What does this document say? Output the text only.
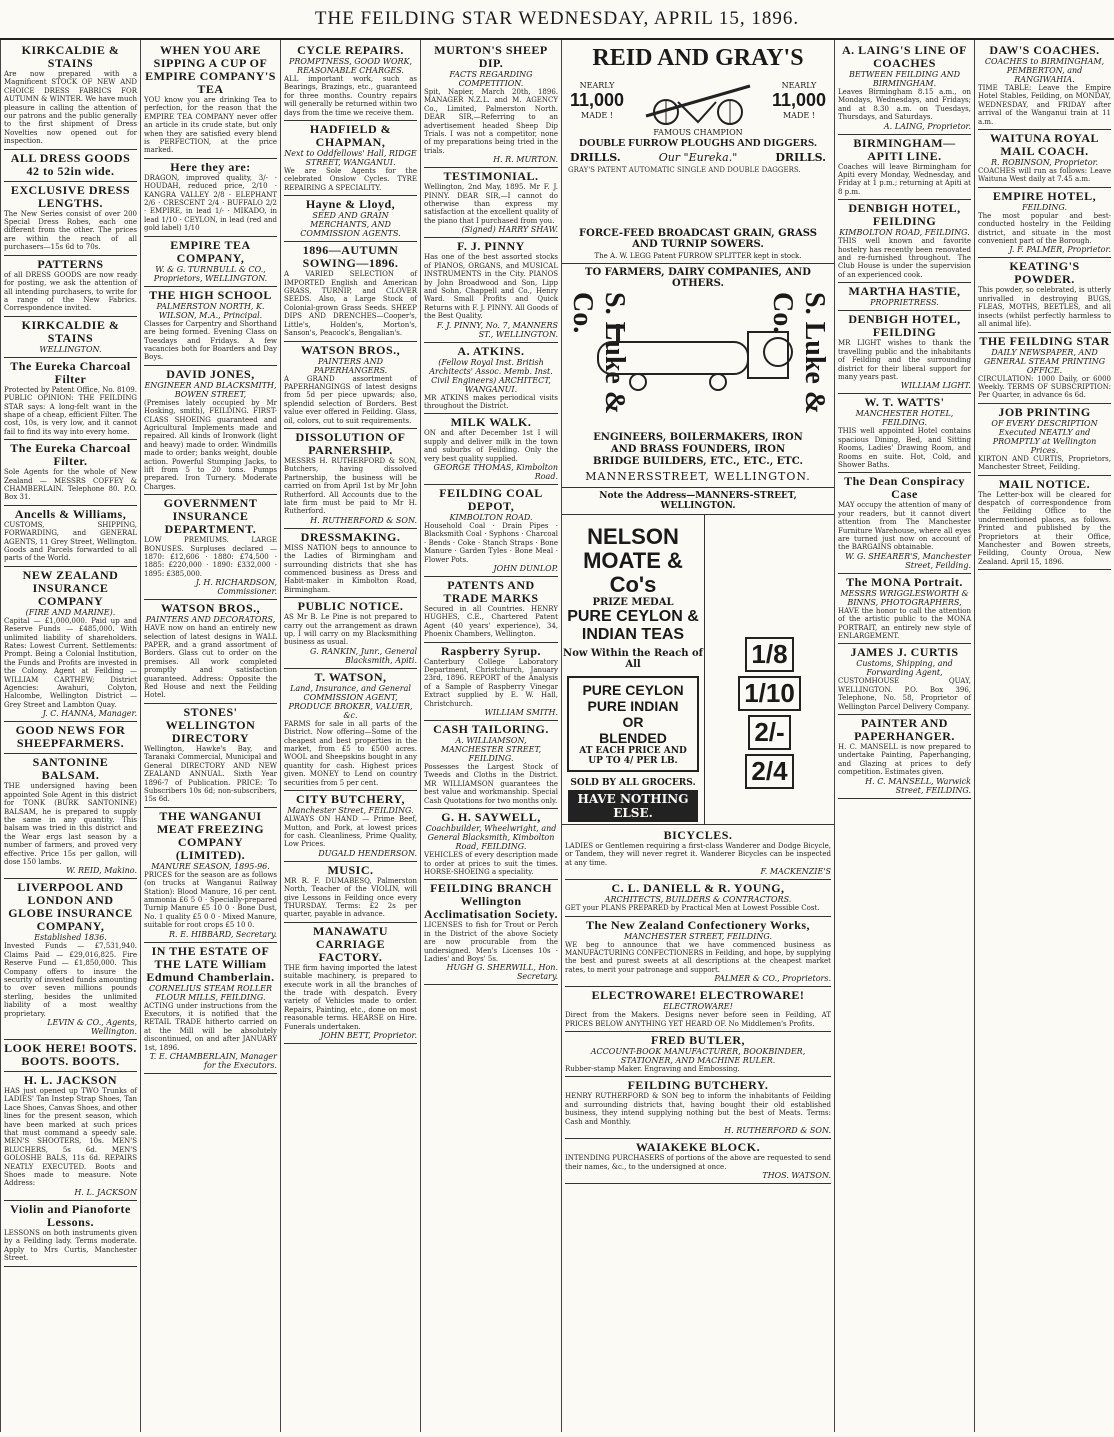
THE FEILDING STAR WEDNESDAY, APRIL 15, 1896.
KIRKCALDIE & STAINS
Are now prepared with a Magnificent STOCK OF NEW AND CHOICE DRESS FABRICS FOR AUTUMN & WINTER. We have much pleasure in calling the attention of our patrons and the public generally to the first shipment of Dress Novelties now opened out for inspection.
ALL DRESS GOODS 42 to 52in wide.
EXCLUSIVE DRESS LENGTHS.
The New Series consist of over 200 Special Dress Robes, each one different from the other. The prices are within the reach of all purchasers—15s 6d to 70s.
PATTERNS
of all DRESS GOODS are now ready for posting, we ask the attention of all intending purchasers, to write for a range of the New Fabrics. Correspondence invited.
KIRKCALDIE & STAINS
WELLINGTON.
The Eureka Charcoal Filter
Protected by Patent Office, No. 8109. PUBLIC OPINION: THE FEILDING STAR says: A long-felt want in the shape of a cheap, efficient Filter. The cost, 10s, is very low, and it cannot fail to find its way into every home.
The Eureka Charcoal Filter.
Sole Agents for the whole of New Zealand — MESSRS COFFEY & CHAMBERLAIN. Telephone 80. P.O. Box 31.
Ancells & Williams,
CUSTOMS, SHIPPING, FORWARDING, and GENERAL AGENTS, 11 Grey Street, Wellington. Goods and Parcels forwarded to all parts of the World.
NEW ZEALAND INSURANCE COMPANY
(FIRE AND MARINE).
Capital — £1,000,000. Paid up and Reserve Funds — £485,000. With unlimited liability of shareholders. Rates: Lowest Current. Settlements: Prompt. Being a Colonial Institution, the Funds and Profits are invested in the Colony. Agent at Feilding — WILLIAM CARTHEW; District Agencies: Awahuri, Colyton, Halcombe, Wellington District — Grey Street and Lambton Quay.
J. C. HANNA, Manager.
GOOD NEWS FOR SHEEPFARMERS.
SANTONINE BALSAM.
THE undersigned having been appointed Sole Agent in this district for TONK (BURK SANTONINE) BALSAM, he is prepared to supply the same in any quantity. This balsam was tried in this district and the Wear ergs last season by a number of farmers, and proved very effective. Price 15s per gallon, will dose 150 lambs.
W. REID, Makino.
LIVERPOOL AND LONDON AND GLOBE INSURANCE COMPANY,
Established 1836.
Invested Funds — £7,531,940. Claims Paid — £29,016,825. Fire Reserve Fund — £1,850,000. This Company offers to insure the security of invested funds amounting to over seven millions pounds sterling, besides the unlimited liability of a most wealthy proprietary.
LEVIN & CO., Agents, Wellington.
LOOK HERE! BOOTS. BOOTS. BOOTS.
H. L. JACKSON
HAS just opened up TWO Trunks of LADIES' Tan Instep Strap Shoes, Tan Lace Shoes, Canvas Shoes, and other lines for the present season, which have been marked at such prices that must command a speedy sale. MEN'S SHOOTERS, 10s. MEN'S BLUCHERS, 5s 6d. MEN'S GOLOSHE BALS, 11s 6d. REPAIRS NEATLY EXECUTED. Boots and Shoes made to measure. Note Address:
H. L. JACKSON
Violin and Pianoforte Lessons.
LESSONS on both instruments given by a Feilding lady. Terms moderate. Apply to Mrs Curtis, Manchester Street.
WHEN YOU ARE SIPPING A CUP OF EMPIRE COMPANY'S TEA
YOU know you are drinking Tea to perfection, for the reason that the EMPIRE TEA COMPANY never offer an article in its crude state, but only when they are satisfied every blend is PERFECTION, at the price marked.
Here they are:
DRAGON, improved quality, 3/- · HOUDAH, reduced price, 2/10 · KANGRA VALLEY 2/8 · ELEPHANT 2/6 · CRESCENT 2/4 · BUFFALO 2/2 · EMPIRE, in lead 1/- · MIKADO, in lead 1/10 · CEYLON, in lead (red and gold label) 1/10
EMPIRE TEA COMPANY,
W. & G. TURNBULL & CO., Proprietors, WELLINGTON.
THE HIGH SCHOOL
PALMERSTON NORTH, K. WILSON, M.A., Principal.
Classes for Carpentry and Shorthand are being formed. Evening Class on Tuesdays and Fridays. A few vacancies both for Boarders and Day Boys.
DAVID JONES,
ENGINEER AND BLACKSMITH, BOWEN STREET,
(Premises lately occupied by Mr Hosking, smith), FEILDING. FIRST-CLASS SHOEING guaranteed and Agricultural Implements made and repaired. All kinds of Ironwork (light and heavy) made to order. Windmills made to order; banks weight, double action. Powerful Stumping Jacks, to lift from 5 to 20 tons. Pumps prepared. Iron Turnery. Moderate Charges.
GOVERNMENT INSURANCE DEPARTMENT.
LOW PREMIUMS. LARGE BONUSES. Surpluses declared — 1870: £12,606 · 1880: £74,500 · 1885: £220,000 · 1890: £332,000 · 1895: £385,000.
J. H. RICHARDSON, Commissioner.
WATSON BROS.,
PAINTERS AND DECORATORS,
HAVE now on hand an entirely new selection of latest designs in WALL PAPER, and a grand assortment of Borders. Glass cut to order on the premises. All work completed promptly and satisfaction guaranteed. Address: Opposite the Red House and next the Feilding Hotel.
STONES' WELLINGTON DIRECTORY
Wellington, Hawke's Bay, and Taranaki Commercial, Municipal and General DIRECTORY AND NEW ZEALAND ANNUAL. Sixth Year 1896-7 of Publication. PRICE: To Subscribers 10s 6d; non-subscribers, 15s 6d.
THE WANGANUI MEAT FREEZING COMPANY (LIMITED).
MANURE SEASON, 1895-96.
PRICES for the season are as follows (on trucks at Wanganui Railway Station): Blood Manure, 16 per cent. ammonia £6 5 0 · Specially-prepared Turnip Manure £5 10 0 · Bone Dust, No. 1 quality £5 0 0 · Mixed Manure, suitable for root crops £5 10 0.
R. E. HIBBARD, Secretary.
IN THE ESTATE OF THE LATE William Edmund Chamberlain.
CORNELIUS STEAM ROLLER FLOUR MILLS, FEILDING.
ACTING under instructions from the Executors, it is notified that the RETAIL TRADE hitherto carried on at the Mill will be absolutely discontinued, on and after JANUARY 1st, 1896.
T. E. CHAMBERLAIN, Manager for the Executors.
CYCLE REPAIRS.
PROMPTNESS, GOOD WORK, REASONABLE CHARGES.
ALL important work, such as Bearings, Brazings, etc., guaranteed for three months. Country repairs will generally be returned within two days from the time we receive them.
HADFIELD & CHAPMAN,
Next to Oddfellows' Hall, RIDGE STREET, WANGANUI.
We are Sole Agents for the celebrated Onslow Cycles. TYRE REPAIRING A SPECIALITY.
Hayne & Lloyd,
SEED AND GRAIN MERCHANTS, AND COMMISSION AGENTS.
1896—AUTUMN SOWING—1896.
A VARIED SELECTION of IMPORTED English and American GRASS, TURNIP, and CLOVER SEEDS. Also, a Large Stock of Colonial-grown Grass Seeds. SHEEP DIPS AND DRENCHES—Cooper's, Little's, Holden's, Morton's, Sanson's, Peacock's, Bengalian's.
WATSON BROS.,
PAINTERS AND PAPERHANGERS.
A GRAND assortment of PAPERHANGINGS of latest designs from 5d per piece upwards; also, splendid selection of Borders. Best value ever offered in Feilding. Glass, oil, colors, cut to suit requirements.
DISSOLUTION OF PARNERSHIP.
MESSRS H. RUTHERFORD & SON, Butchers, having dissolved Partnership, the business will be carried on from April 1st by Mr John Rutherford. All Accounts due to the late firm must be paid to Mr H. Rutherford.
H. RUTHERFORD & SON.
DRESSMAKING.
MISS NATION begs to announce to the Ladies of Birmingham and surrounding districts that she has commenced business as Dress and Habit-maker in Kimbolton Road, Birmingham.
PUBLIC NOTICE.
AS Mr B. Le Pine is not prepared to carry out the arrangement as drawn up, I will carry on my Blacksmithing business as usual.
G. RANKIN, Junr., General Blacksmith, Apiti.
T. WATSON,
Land, Insurance, and General COMMISSION AGENT, PRODUCE BROKER, VALUER, &c.
FARMS for sale in all parts of the District. Now offering—Some of the cheapest and best properties in the market, from £5 to £500 acres. WOOL and Sheepskins bought in any quantity for cash. Highest prices given. MONEY to Lend on country securities from 5 per cent.
CITY BUTCHERY,
Manchester Street, FEILDING.
ALWAYS ON HAND — Prime Beef, Mutton, and Pork, at lowest prices for cash. Cleanliness, Prime Quality, Low Prices.
DUGALD HENDERSON.
MUSIC.
MR R. F. DUMABESQ, Palmerston North, Teacher of the VIOLIN, will give Lessons in Feilding once every THURSDAY. Terms: £2 2s per quarter, payable in advance.
MANAWATU CARRIAGE FACTORY.
THE firm having imported the latest suitable machinery, is prepared to execute work in all the branches of the trade with despatch. Every variety of Vehicles made to order. Repairs, Painting, etc., done on most reasonable terms. HEARSE on Hire. Funerals undertaken.
JOHN BETT, Proprietor.
MURTON'S SHEEP DIP.
FACTS REGARDING COMPETITION.
Spit, Napier, March 20th, 1896. MANAGER N.Z.L. and M. AGENCY Co., Limited, Palmerston North. DEAR SIR,—Referring to an advertisement headed Sheep Dip Trials. I was not a competitor, none of my preparations being tried in the trials.
H. R. MURTON.
TESTIMONIAL.
Wellington, 2nd May, 1895. Mr F. J. PINNY. DEAR SIR,—I cannot do otherwise than express my satisfaction at the excellent quality of the piano that I purchased from you.
(Signed) HARRY SHAW.
F. J. PINNY
Has one of the best assorted stocks of PIANOS, ORGANS, and MUSICAL INSTRUMENTS in the City. PIANOS by John Broadwood and Son, Lipp and Sohn, Chappell and Co., Henry Ward. Small Profits and Quick Returns with F. J. PINNY. All Goods of the Best Quality.
F. J. PINNY, No. 7, MANNERS ST., WELLINGTON.
A. ATKINS.
(Fellow Royal Inst. British Architects' Assoc. Memb. Inst. Civil Engineers) ARCHITECT, WANGANUI.
MR ATKINS makes periodical visits throughout the District.
MILK WALK.
ON and after December 1st I will supply and deliver milk in the town and suburbs of Feilding. Only the very best quality supplied.
GEORGE THOMAS, Kimbolton Road.
FEILDING COAL DEPOT,
KIMBOLTON ROAD.
Household Coal · Drain Pipes · Blacksmith Coal · Syphons · Charcoal · Bends · Coke · Stanch Straps · Bone Manure · Garden Tyles · Bone Meal · Flower Pots.
JOHN DUNLOP.
PATENTS AND TRADE MARKS
Secured in all Countries. HENRY HUGHES, C.E., Chartered Patent Agent (40 years' experience), 34, Phoenix Chambers, Wellington.
Raspberry Syrup.
Canterbury College Laboratory Department, Christchurch, January 23rd, 1896. REPORT of the Analysis of a Sample of Raspberry Vinegar Extract supplied by E. W. Hall, Christchurch.
WILLIAM SMITH.
CASH TAILORING.
A. WILLIAMSON, MANCHESTER STREET, FEILDING.
Possesses the Largest Stock of Tweeds and Cloths in the District. MR WILLIAMSON guarantees the best value and workmanship. Special Cash Quotations for two months only.
G. H. SAYWELL,
Coachbuilder, Wheelwright, and General Blacksmith, Kimbolton Road, FEILDING.
VEHICLES of every description made to order at prices to suit the times. HORSE-SHOEING a speciality.
FEILDING BRANCH Wellington Acclimatisation Society.
LICENSES to fish for Trout or Perch in the District of the above Society are now procurable from the undersigned. Men's Licenses 10s · Ladies' and Boys' 5s.
HUGH G. SHERWILL, Hon. Secretary.
REID AND GRAY'S
NEARLY
11,000
MADE !
NEARLY
11,000
MADE !
FAMOUS CHAMPION
DOUBLE FURROW PLOUGHS AND DIGGERS.
DRILLS.	Our "Eureka."	DRILLS.
GRAY'S PATENT AUTOMATIC SINGLE AND DOUBLE DAGGERS.
FORCE-FEED BROADCAST GRAIN, GRASS AND TURNIP SOWERS.
The A. W. LEGG Patent FURROW SPLITTER kept in stock.
TO FARMERS, DAIRY COMPANIES, AND OTHERS.
S. Luke & Co.	S. Luke & Co.
ENGINEERS, BOILERMAKERS, IRON AND BRASS FOUNDERS, IRON BRIDGE BUILDERS, ETC., ETC., ETC.
MANNERSSTREET, WELLINGTON.
Note the Address—MANNERS-STREET, WELLINGTON.
NELSON MOATE & Co's
PRIZE MEDAL
PURE CEYLON & INDIAN TEAS
Now Within the Reach of All
PURE CEYLON
PURE INDIAN
OR
BLENDED
AT EACH PRICE AND UP TO 4/ PER LB.
SOLD BY ALL GROCERS.
HAVE NOTHING ELSE.
1/8
1/10
2/-
2/4
BICYCLES.
LADIES or Gentlemen requiring a first-class Wanderer and Dodge Bicycle, or Tandem, they will never regret it. Wanderer Bicycles can be inspected at any time.
F. MACKENZIE'S
C. L. DANIELL & R. YOUNG,
ARCHITECTS, BUILDERS & CONTRACTORS.
GET your PLANS PREPARED by Practical Men at Lowest Possible Cost.
The New Zealand Confectionery Works,
MANCHESTER STREET, FEILDING.
WE beg to announce that we have commenced business as MANUFACTURING CONFECTIONERS in Feilding, and hope, by supplying the best and purest sweets at all descriptions at the cheapest market rates, to merit your patronage and support.
PALMER & CO., Proprietors.
ELECTROWARE! ELECTROWARE!
ELECTROWARE!
Direct from the Makers. Designs never before seen in Feilding, AT PRICES BELOW ANYTHING YET HEARD OF. No Middlemen's Profits.
FRED BUTLER,
ACCOUNT-BOOK MANUFACTURER, BOOKBINDER, STATIONER, AND MACHINE RULER.
Rubber-stamp Maker. Engraving and Embossing.
FEILDING BUTCHERY.
HENRY RUTHERFORD & SON beg to inform the inhabitants of Feilding and surrounding districts that, having bought their old established business, they intend supplying nothing but the best of Meats. Terms: Cash and Monthly.
H. RUTHERFORD & SON.
WAIAKEKE BLOCK.
INTENDING PURCHASERS of portions of the above are requested to send their names, &c., to the undersigned at once.
THOS. WATSON.
A. LAING'S LINE OF COACHES
BETWEEN FEILDING AND BIRMINGHAM.
Leaves Birmingham 8.15 a.m., on Mondays, Wednesdays, and Fridays; and at 8.30 a.m. on Tuesdays, Thursdays, and Saturdays.
A. LAING, Proprietor.
BIRMINGHAM—APITI LINE.
Coaches will leave Birmingham for Apiti every Monday, Wednesday, and Friday at 1 p.m.; returning at Apiti at 8 p.m.
DENBIGH HOTEL, FEILDING
KIMBOLTON ROAD, FEILDING.
THIS well known and favorite hostelry has recently been renovated and re-furnished throughout. The Club House is under the supervision of an experienced cook.
MARTHA HASTIE,
PROPRIETRESS.
DENBIGH HOTEL, FEILDING
MR LIGHT wishes to thank the travelling public and the inhabitants of Feilding and the surrounding district for their liberal support for many years past.
WILLIAM LIGHT.
W. T. WATTS'
MANCHESTER HOTEL, FEILDING.
THIS well appointed Hotel contains spacious Dining, Bed, and Sitting Rooms, Ladies' Drawing Room, and Rooms en suite. Hot, Cold, and Shower Baths.
The Dean Conspiracy Case
MAY occupy the attention of many of your readers, but it cannot divert attention from The Manchester Furniture Warehouse, where all eyes are turned just now on account of the BARGAINS obtainable.
W. G. SHEARER'S, Manchester Street, Feilding.
The MONA Portrait.
MESSRS WRIGGLESWORTH & BINNS, PHOTOGRAPHERS,
HAVE the honor to call the attention of the artistic public to the MONA PORTRAIT, an entirely new style of ENLARGEMENT.
JAMES J. CURTIS
Customs, Shipping, and Forwarding Agent,
CUSTOMHOUSE QUAY, WELLINGTON. P.O. Box 396, Telephone, No. 58, Proprietor of Wellington Parcel Delivery Company.
PAINTER AND PAPERHANGER.
H. C. MANSELL is now prepared to undertake Painting, Paperhanging, and Glazing at prices to defy competition. Estimates given.
H. C. MANSELL, Warwick Street, FEILDING.
DAW'S COACHES.
COACHES to BIRMINGHAM, PEMBERTON, and RANGIWAHIA.
TIME TABLE: Leave the Empire Hotel Stables, Feilding, on MONDAY, WEDNESDAY, and FRIDAY after arrival of the Wanganui train at 11 a.m.
WAITUNA ROYAL MAIL COACH.
R. ROBINSON, Proprietor.
COACHES will run as follows: Leave Waituna West daily at 7.45 a.m.
EMPIRE HOTEL,
FEILDING.
The most popular and best-conducted hostelry in the Feilding district, and situate in the most convenient part of the Borough.
J. F. PALMER, Proprietor.
KEATING'S POWDER.
This powder, so celebrated, is utterly unrivalled in destroying BUGS, FLEAS, MOTHS, BEETLES, and all insects (whilst perfectly harmless to all animal life).
THE FEILDING STAR
DAILY NEWSPAPER, AND GENERAL STEAM PRINTING OFFICE.
CIRCULATION: 1000 Daily, or 6000 Weekly. TERMS OF SUBSCRIPTION: Per Quarter, in advance 6s 6d.
JOB PRINTING
OF EVERY DESCRIPTION Executed NEATLY and PROMPTLY at Wellington Prices.
KIRTON AND CURTIS, Proprietors, Manchester Street, Feilding.
MAIL NOTICE.
The Letter-box will be cleared for despatch of correspondence from the Feilding Office to the undermentioned places, as follows. Printed and published by the Proprietors at their Office, Manchester and Bowen streets, Feilding, County Oroua, New Zealand. April 15, 1896.
